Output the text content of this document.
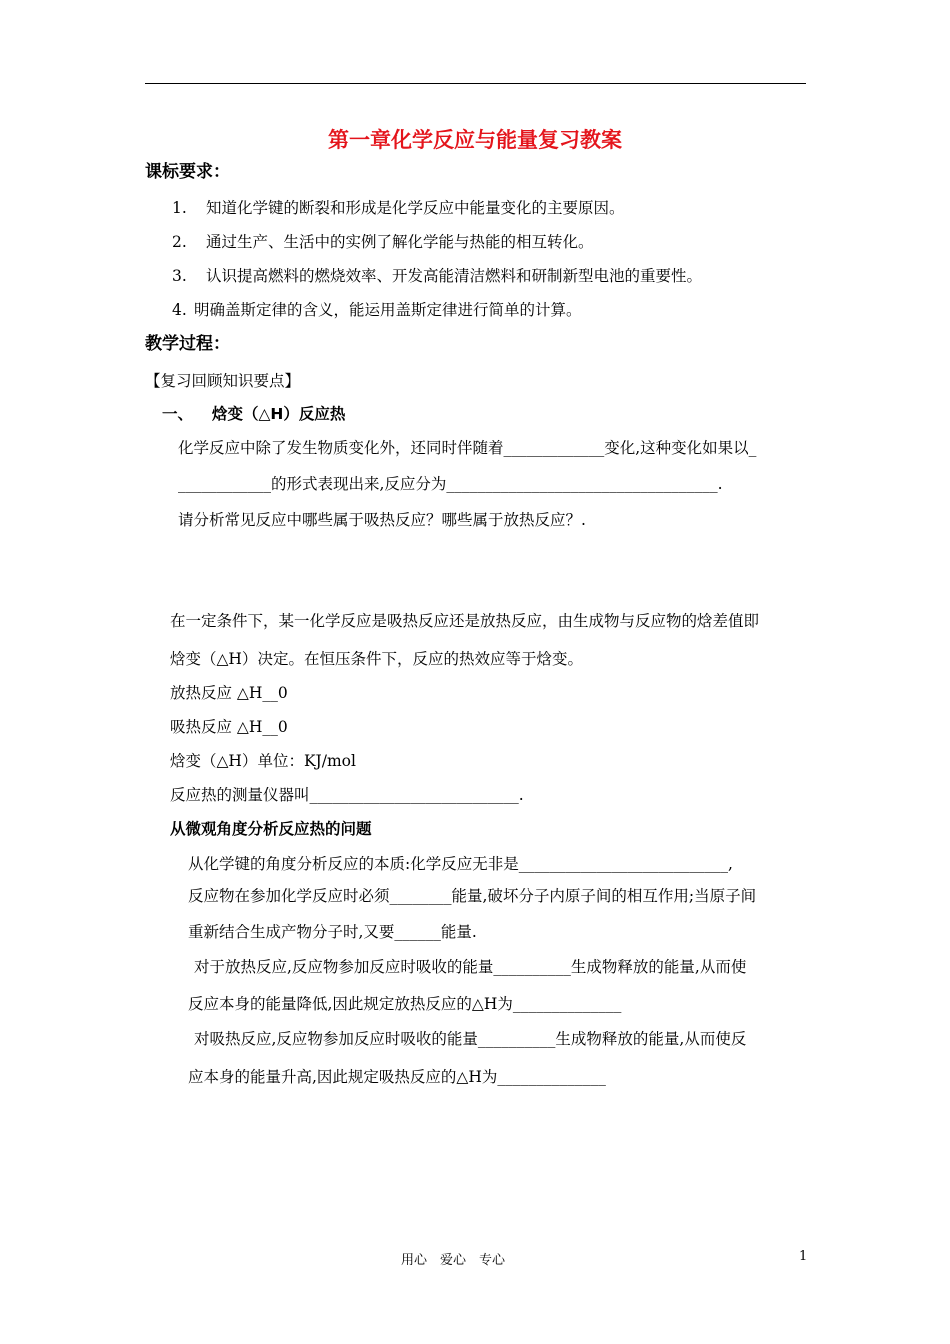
第一章化学反应与能量复习教案
课标要求：
1. 知道化学键的断裂和形成是化学反应中能量变化的主要原因。
2. 通过生产、生活中的实例了解化学能与热能的相互转化。
3. 认识提高燃料的燃烧效率、开发高能清洁燃料和研制新型电池的重要性。
4. 明确盖斯定律的含义，能运用盖斯定律进行简单的计算。
教学过程：
【复习回顾知识要点】
一、 焓变（△H）反应热
化学反应中除了发生物质变化外，还同时伴随着_____________变化,这种变化如果以_
____________的形式表现出来,反应分为___________________________________.
请分析常见反应中哪些属于吸热反应？哪些属于放热反应？.
在一定条件下，某一化学反应是吸热反应还是放热反应，由生成物与反应物的焓差值即
焓变（△H）决定。在恒压条件下，反应的热效应等于焓变。
放热反应 △H__0
吸热反应 △H__0
焓变（△H）单位：KJ/mol
反应热的测量仪器叫___________________________.
从微观角度分析反应热的问题
从化学键的角度分析反应的本质:化学反应无非是___________________________,
反应物在参加化学反应时必须________能量,破坏分子内原子间的相互作用;当原子间
重新结合生成产物分子时,又要______能量.
对于放热反应,反应物参加反应时吸收的能量__________生成物释放的能量,从而使
反应本身的能量降低,因此规定放热反应的△H为______________
对吸热反应,反应物参加反应时吸收的能量__________生成物释放的能量,从而使反
应本身的能量升高,因此规定吸热反应的△H为______________
用心　爱心　专心	1
